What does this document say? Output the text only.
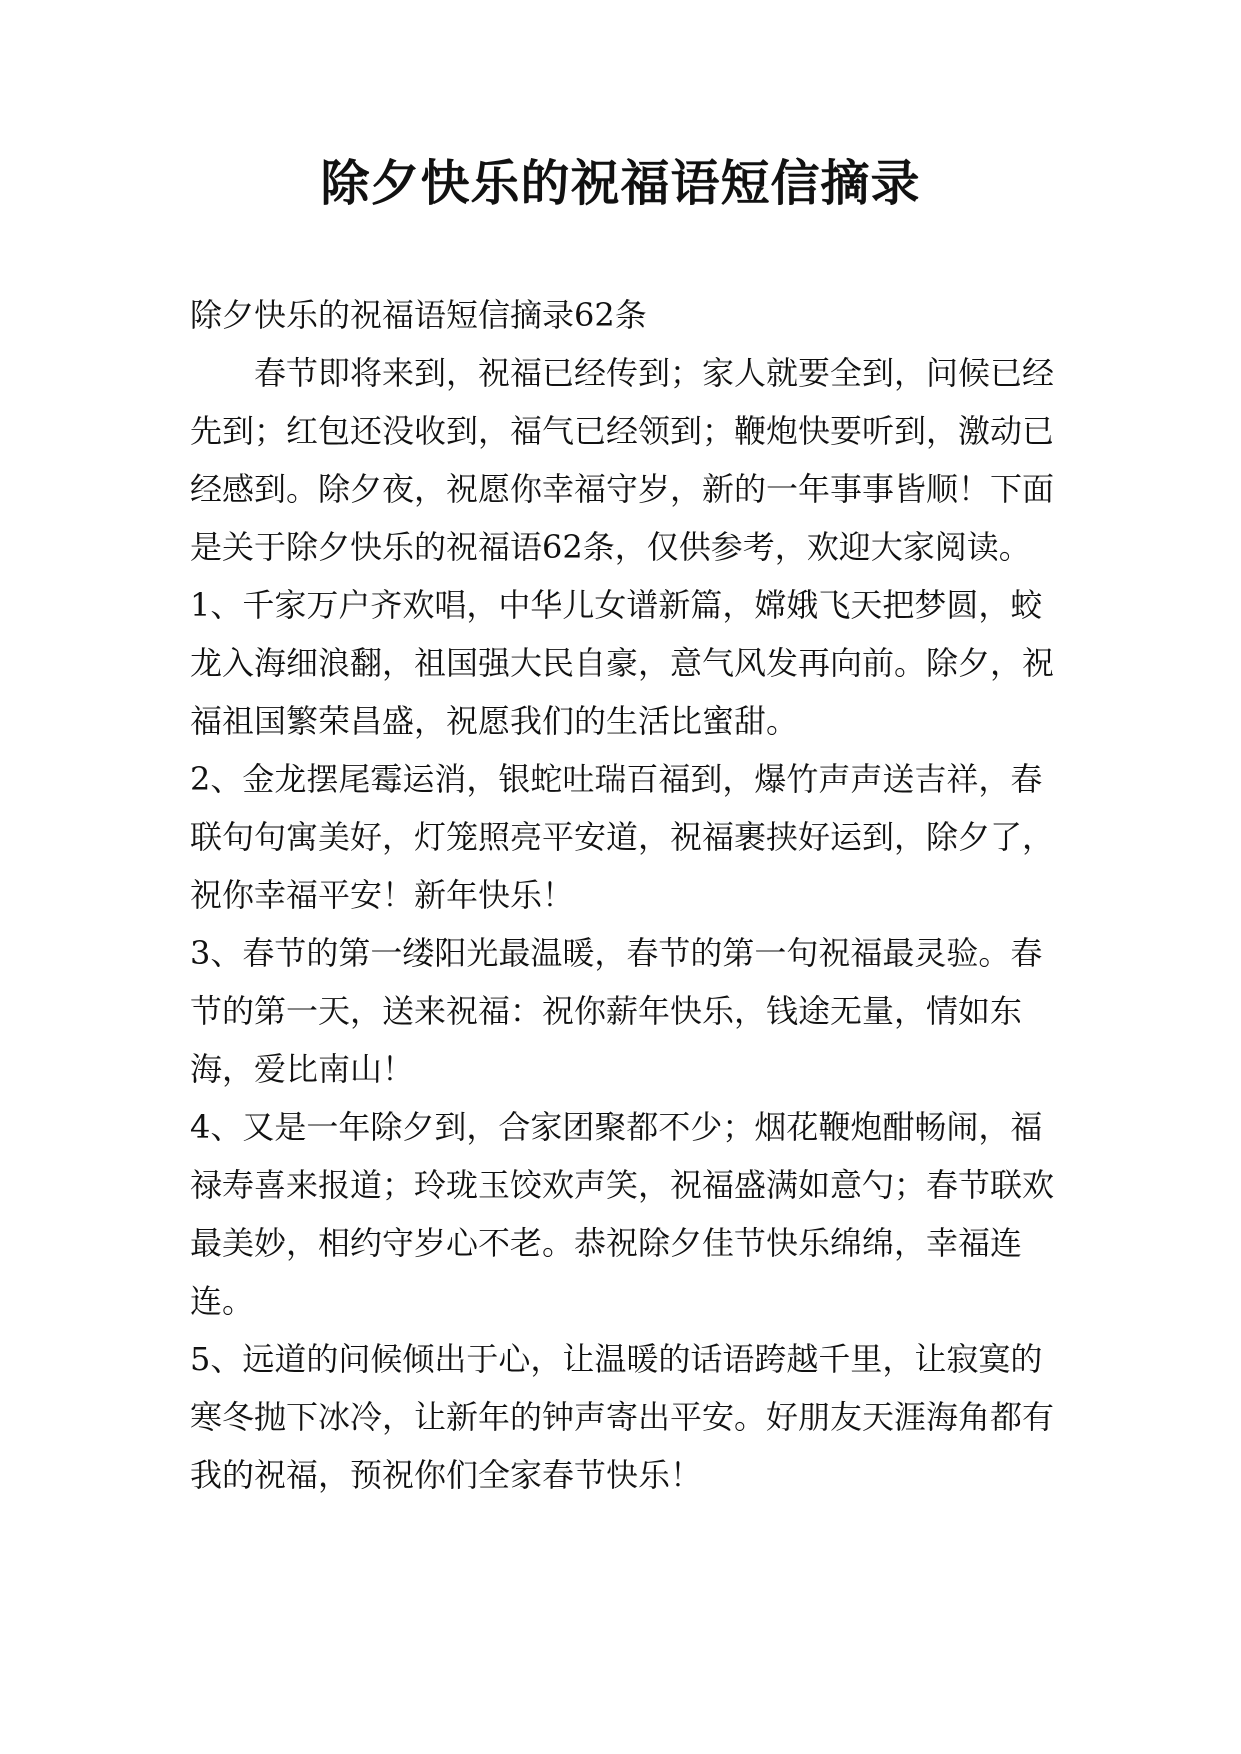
除夕快乐的祝福语短信摘录

除夕快乐的祝福语短信摘录62条

春节即将来到，祝福已经传到；家人就要全到，问候已经先到；红包还没收到，福气已经领到；鞭炮快要听到，激动已经感到。除夕夜，祝愿你幸福守岁，新的一年事事皆顺！下面是关于除夕快乐的祝福语62条，仅供参考，欢迎大家阅读。

1、千家万户齐欢唱，中华儿女谱新篇，嫦娥飞天把梦圆，蛟龙入海细浪翻，祖国强大民自豪，意气风发再向前。除夕，祝福祖国繁荣昌盛，祝愿我们的生活比蜜甜。

2、金龙摆尾霉运消，银蛇吐瑞百福到，爆竹声声送吉祥，春联句句寓美好，灯笼照亮平安道，祝福裹挟好运到，除夕了，祝你幸福平安！新年快乐！

3、春节的第一缕阳光最温暖，春节的第一句祝福最灵验。春节的第一天，送来祝福：祝你薪年快乐，钱途无量，情如东海，爱比南山！

4、又是一年除夕到，合家团聚都不少；烟花鞭炮酣畅闹，福禄寿喜来报道；玲珑玉饺欢声笑，祝福盛满如意勺；春节联欢最美妙，相约守岁心不老。恭祝除夕佳节快乐绵绵，幸福连连。

5、远道的问候倾出于心，让温暖的话语跨越千里，让寂寞的寒冬抛下冰冷，让新年的钟声寄出平安。好朋友天涯海角都有我的祝福，预祝你们全家春节快乐！
